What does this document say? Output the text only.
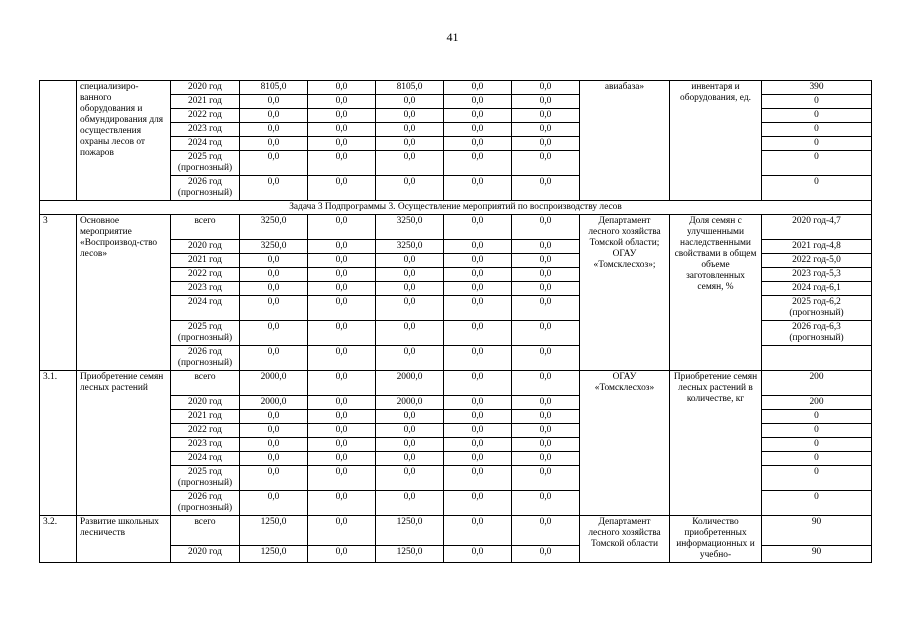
41
	специализиро-ванного оборудования и обмундирования для осуществления охраны лесов от пожаров	2020 год	8105,0	0,0	8105,0	0,0	0,0	авиабаза»	инвентаря и оборудования, ед.	390
		2021 год	0,0	0,0	0,0	0,0	0,0			0
		2022 год	0,0	0,0	0,0	0,0	0,0			0
		2023 год	0,0	0,0	0,0	0,0	0,0			0
		2024 год	0,0	0,0	0,0	0,0	0,0			0
		2025 год (прогнозный)	0,0	0,0	0,0	0,0	0,0			0
		2026 год (прогнозный)	0,0	0,0	0,0	0,0	0,0			0
Задача 3 Подпрограммы 3. Осуществление мероприятий по воспроизводству лесов										
3	Основное мероприятие «Воспроизвод-ство лесов»	всего	3250,0	0,0	3250,0	0,0	0,0	Департамент лесного хозяйства Томской области; ОГАУ «Томсклесхоз»;	Доля семян с улучшенными наследственными свойствами в общем объеме заготовленных семян, %	2020 год-4,7
		2020 год	3250,0	0,0	3250,0	0,0	0,0			2021 год-4,8
		2021 год	0,0	0,0	0,0	0,0	0,0			2022 год-5,0
		2022 год	0,0	0,0	0,0	0,0	0,0			2023 год-5,3
		2023 год	0,0	0,0	0,0	0,0	0,0			2024 год-6,1
		2024 год	0,0	0,0	0,0	0,0	0,0			2025 год-6,2 (прогнозный)
		2025 год (прогнозный)	0,0	0,0	0,0	0,0	0,0			2026 год-6,3 (прогнозный)
		2026 год (прогнозный)	0,0	0,0	0,0	0,0	0,0			
3.1.	Приобретение семян лесных растений	всего	2000,0	0,0	2000,0	0,0	0,0	ОГАУ «Томсклесхоз»	Приобретение семян лесных растений в количестве, кг	200
		2020 год	2000,0	0,0	2000,0	0,0	0,0			200
		2021 год	0,0	0,0	0,0	0,0	0,0			0
		2022 год	0,0	0,0	0,0	0,0	0,0			0
		2023 год	0,0	0,0	0,0	0,0	0,0			0
		2024 год	0,0	0,0	0,0	0,0	0,0			0
		2025 год (прогнозный)	0,0	0,0	0,0	0,0	0,0			0
		2026 год (прогнозный)	0,0	0,0	0,0	0,0	0,0			0
3.2.	Развитие школьных лесничеств	всего	1250,0	0,0	1250,0	0,0	0,0	Департамент лесного хозяйства Томской области	Количество приобретенных информационных и учебно-	90
		2020 год	1250,0	0,0	1250,0	0,0	0,0			90
